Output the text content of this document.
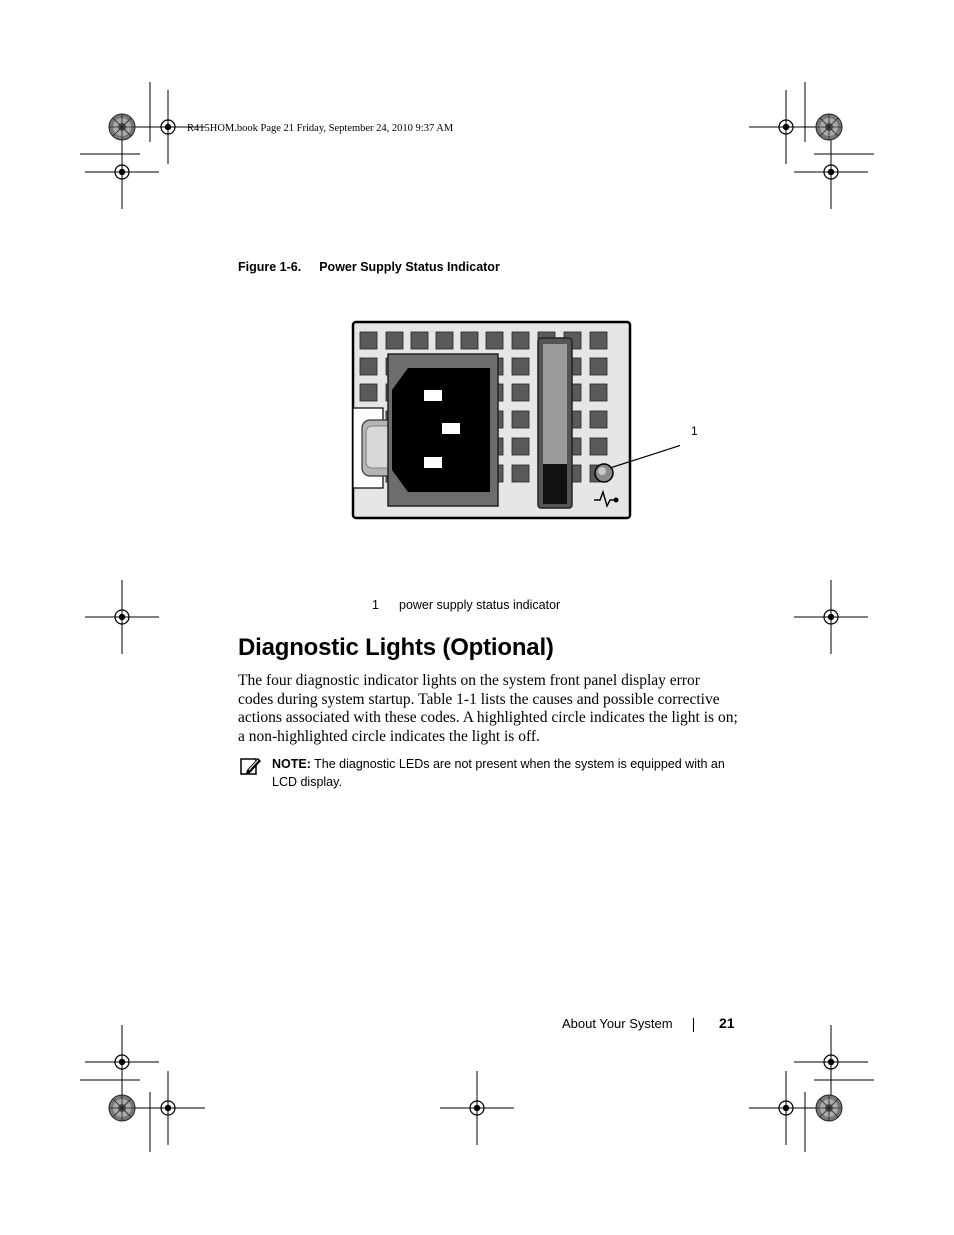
R415HOM.book Page 21 Friday, September 24, 2010 9:37 AM
Figure 1-6. Power Supply Status Indicator
1
1 power supply status indicator
Diagnostic Lights (Optional)
The four diagnostic indicator lights on the system front panel display error codes during system startup. Table 1-1 lists the causes and possible corrective actions associated with these codes. A highlighted circle indicates the light is on; a non-highlighted circle indicates the light is off.
NOTE: The diagnostic LEDs are not present when the system is equipped with an LCD display.
About Your System	21
